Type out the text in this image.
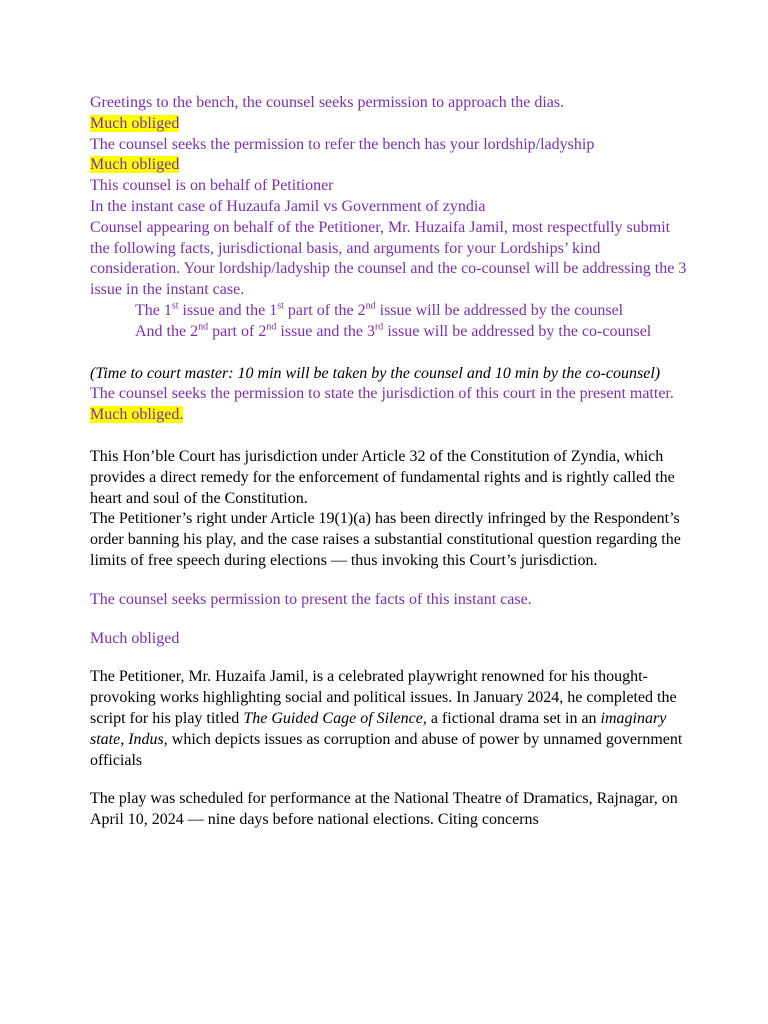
Greetings to the bench, the counsel seeks permission to approach the dias.

Much obliged

The counsel seeks the permission to refer the bench has your lordship/ladyship

Much obliged

This counsel is on behalf of Petitioner

In the instant case of Huzaufa Jamil vs Government of zyndia

Counsel appearing on behalf of the Petitioner, Mr. Huzaifa Jamil, most respectfully submit the following facts, jurisdictional basis, and arguments for your Lordships’ kind consideration. Your lordship/ladyship the counsel and the co-counsel will be addressing the 3 issue in the instant case.

The 1st issue and the 1st part of the 2nd issue will be addressed by the counsel

And the 2nd part of 2nd issue and the 3rd issue will be addressed by the co-counsel

(Time to court master: 10 min will be taken by the counsel and 10 min by the co-counsel)

The counsel seeks the permission to state the jurisdiction of this court in the present matter.

Much obliged.

This Hon’ble Court has jurisdiction under Article 32 of the Constitution of Zyndia, which provides a direct remedy for the enforcement of fundamental rights and is rightly called the heart and soul of the Constitution.

The Petitioner’s right under Article 19(1)(a) has been directly infringed by the Respondent’s order banning his play, and the case raises a substantial constitutional question regarding the limits of free speech during elections — thus invoking this Court’s jurisdiction.

The counsel seeks permission to present the facts of this instant case.

Much obliged

The Petitioner, Mr. Huzaifa Jamil, is a celebrated playwright renowned for his thought-provoking works highlighting social and political issues. In January 2024, he completed the script for his play titled The Guided Cage of Silence, a fictional drama set in an imaginary state, Indus, which depicts issues as corruption and abuse of power by unnamed government officials

The play was scheduled for performance at the National Theatre of Dramatics, Rajnagar, on April 10, 2024 — nine days before national elections. Citing concerns
